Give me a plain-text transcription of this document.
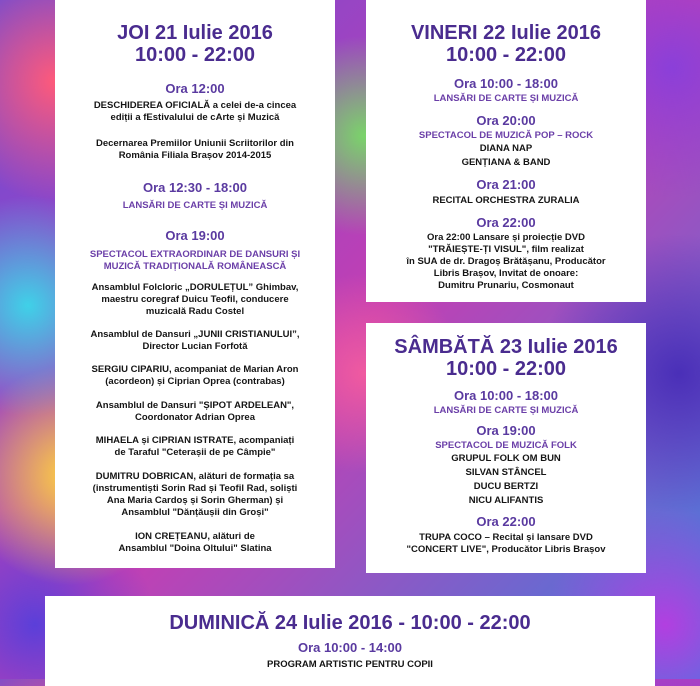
JOI 21 Iulie 2016
10:00 - 22:00
Ora 12:00
DESCHIDEREA OFICIALĂ a celei de-a cincea
ediții a fEstivalului de cArte și Muzică
Decernarea Premiilor Uniunii Scriitorilor din
România Filiala Brașov 2014-2015
Ora 12:30 - 18:00
LANSĂRI DE CARTE ȘI MUZICĂ
Ora 19:00
SPECTACOL EXTRAORDINAR DE DANSURI ȘI
MUZICĂ TRADIȚIONALĂ ROMÂNEASCĂ
Ansamblul Folcloric „DORULEȚUL” Ghimbav,
maestru coregraf Duicu Teofil, conducere
muzicală Radu Costel
Ansamblul de Dansuri „JUNII CRISTIANULUI”,
Director Lucian Forfotă
SERGIU CIPARIU, acompaniat de Marian Aron
(acordeon) și Ciprian Oprea (contrabas)
Ansamblul de Dansuri "ȘIPOT ARDELEAN",
Coordonator Adrian Oprea
MIHAELA și CIPRIAN ISTRATE, acompaniați
de Taraful "Ceterașii de pe Câmpie"
DUMITRU DOBRICAN, alături de formația sa
(instrumentiști Sorin Rad și Teofil Rad, soliști
Ana Maria Cardoș și Sorin Gherman) și
Ansamblul "Dănțăușii din Groși"
ION CREȚEANU, alături de
Ansamblul "Doina Oltului" Slatina
VINERI 22 Iulie 2016
10:00 - 22:00
Ora 10:00 - 18:00
LANSĂRI DE CARTE ȘI MUZICĂ
Ora 20:00
SPECTACOL DE MUZICĂ POP – ROCK
DIANA NAP
GENȚIANA & BAND
Ora 21:00
RECITAL ORCHESTRA ZURALIA
Ora 22:00
Ora 22:00 Lansare și proiecție DVD
"TRĂIEȘTE-ȚI VISUL", film realizat
în SUA de dr. Dragoș Brătășanu, Producător
Libris Brașov, Invitat de onoare:
Dumitru Prunariu, Cosmonaut
SÂMBĂTĂ 23 Iulie 2016
10:00 - 22:00
Ora 10:00 - 18:00
LANSĂRI DE CARTE ȘI MUZICĂ
Ora 19:00
SPECTACOL DE MUZICĂ FOLK
GRUPUL FOLK OM BUN
SILVAN STÂNCEL
DUCU BERTZI
NICU ALIFANTIS
Ora 22:00
TRUPA COCO – Recital și lansare DVD
"CONCERT LIVE", Producător Libris Brașov
DUMINICĂ 24 Iulie 2016 - 10:00 - 22:00
Ora 10:00 - 14:00
PROGRAM ARTISTIC PENTRU COPII
